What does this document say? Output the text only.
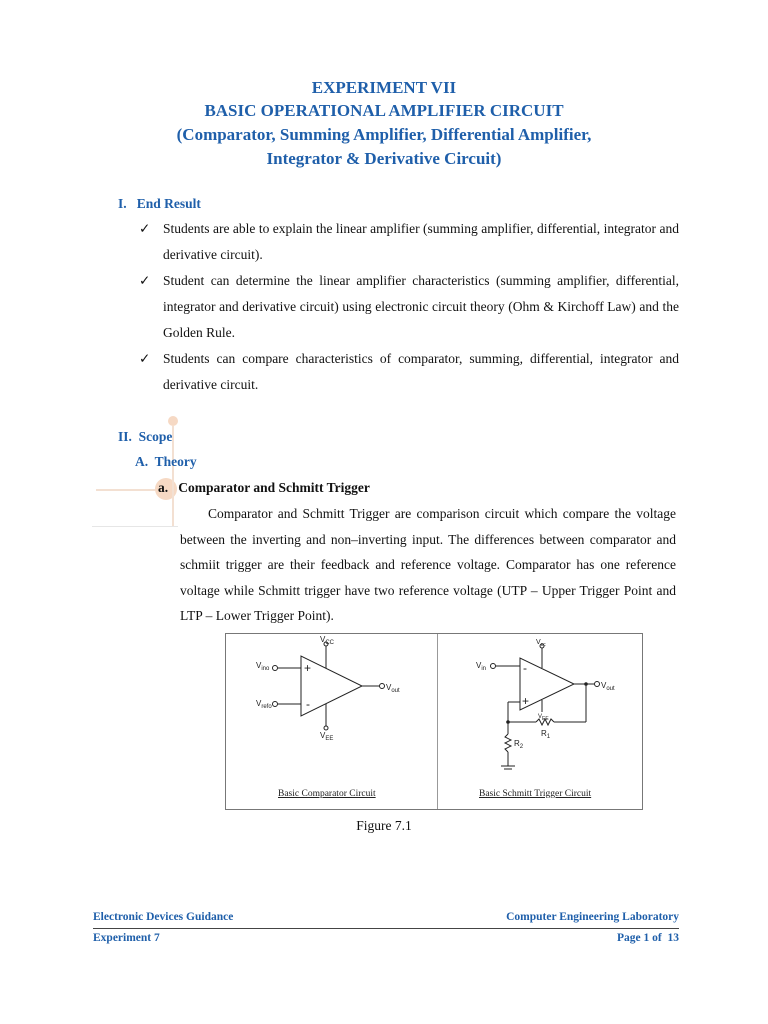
EXPERIMENT VII
BASIC OPERATIONAL AMPLIFIER CIRCUIT
(Comparator, Summing Amplifier, Differential Amplifier,
Integrator & Derivative Circuit)
I.   End Result
✓ Students are able to explain the linear amplifier (summing amplifier, differential, integrator and derivative circuit).
✓ Student can determine the linear amplifier characteristics (summing amplifier, differential, integrator and derivative circuit) using electronic circuit theory (Ohm & Kirchoff Law) and the Golden Rule.
✓ Students can compare characteristics of comparator, summing, differential, integrator and derivative circuit.
II.  Scope
A.  Theory
a.   Comparator and Schmitt Trigger
Comparator and Schmitt Trigger are comparison circuit which compare the voltage between the inverting and non–inverting input. The differences between comparator and schmiit trigger are their feedback and reference voltage. Comparator has one reference voltage while Schmitt trigger have two reference voltage (UTP – Upper Trigger Point and LTP – Lower Trigger Point).
$V_{CC}$
$V_{ino}$
$V_{refo}$
$V_{out}$
$V_{EE}$
+
-
Basic Comparator Circuit
$V_{cc}$
$V_{in}$
$V_{out}$
$V_{EE}$
$R_1$
$R_2$
-
+
Basic Schmitt Trigger Circuit
Figure 7.1
Electronic Devices Guidance	Computer Engineering Laboratory
Experiment 7	Page 1 of  13
